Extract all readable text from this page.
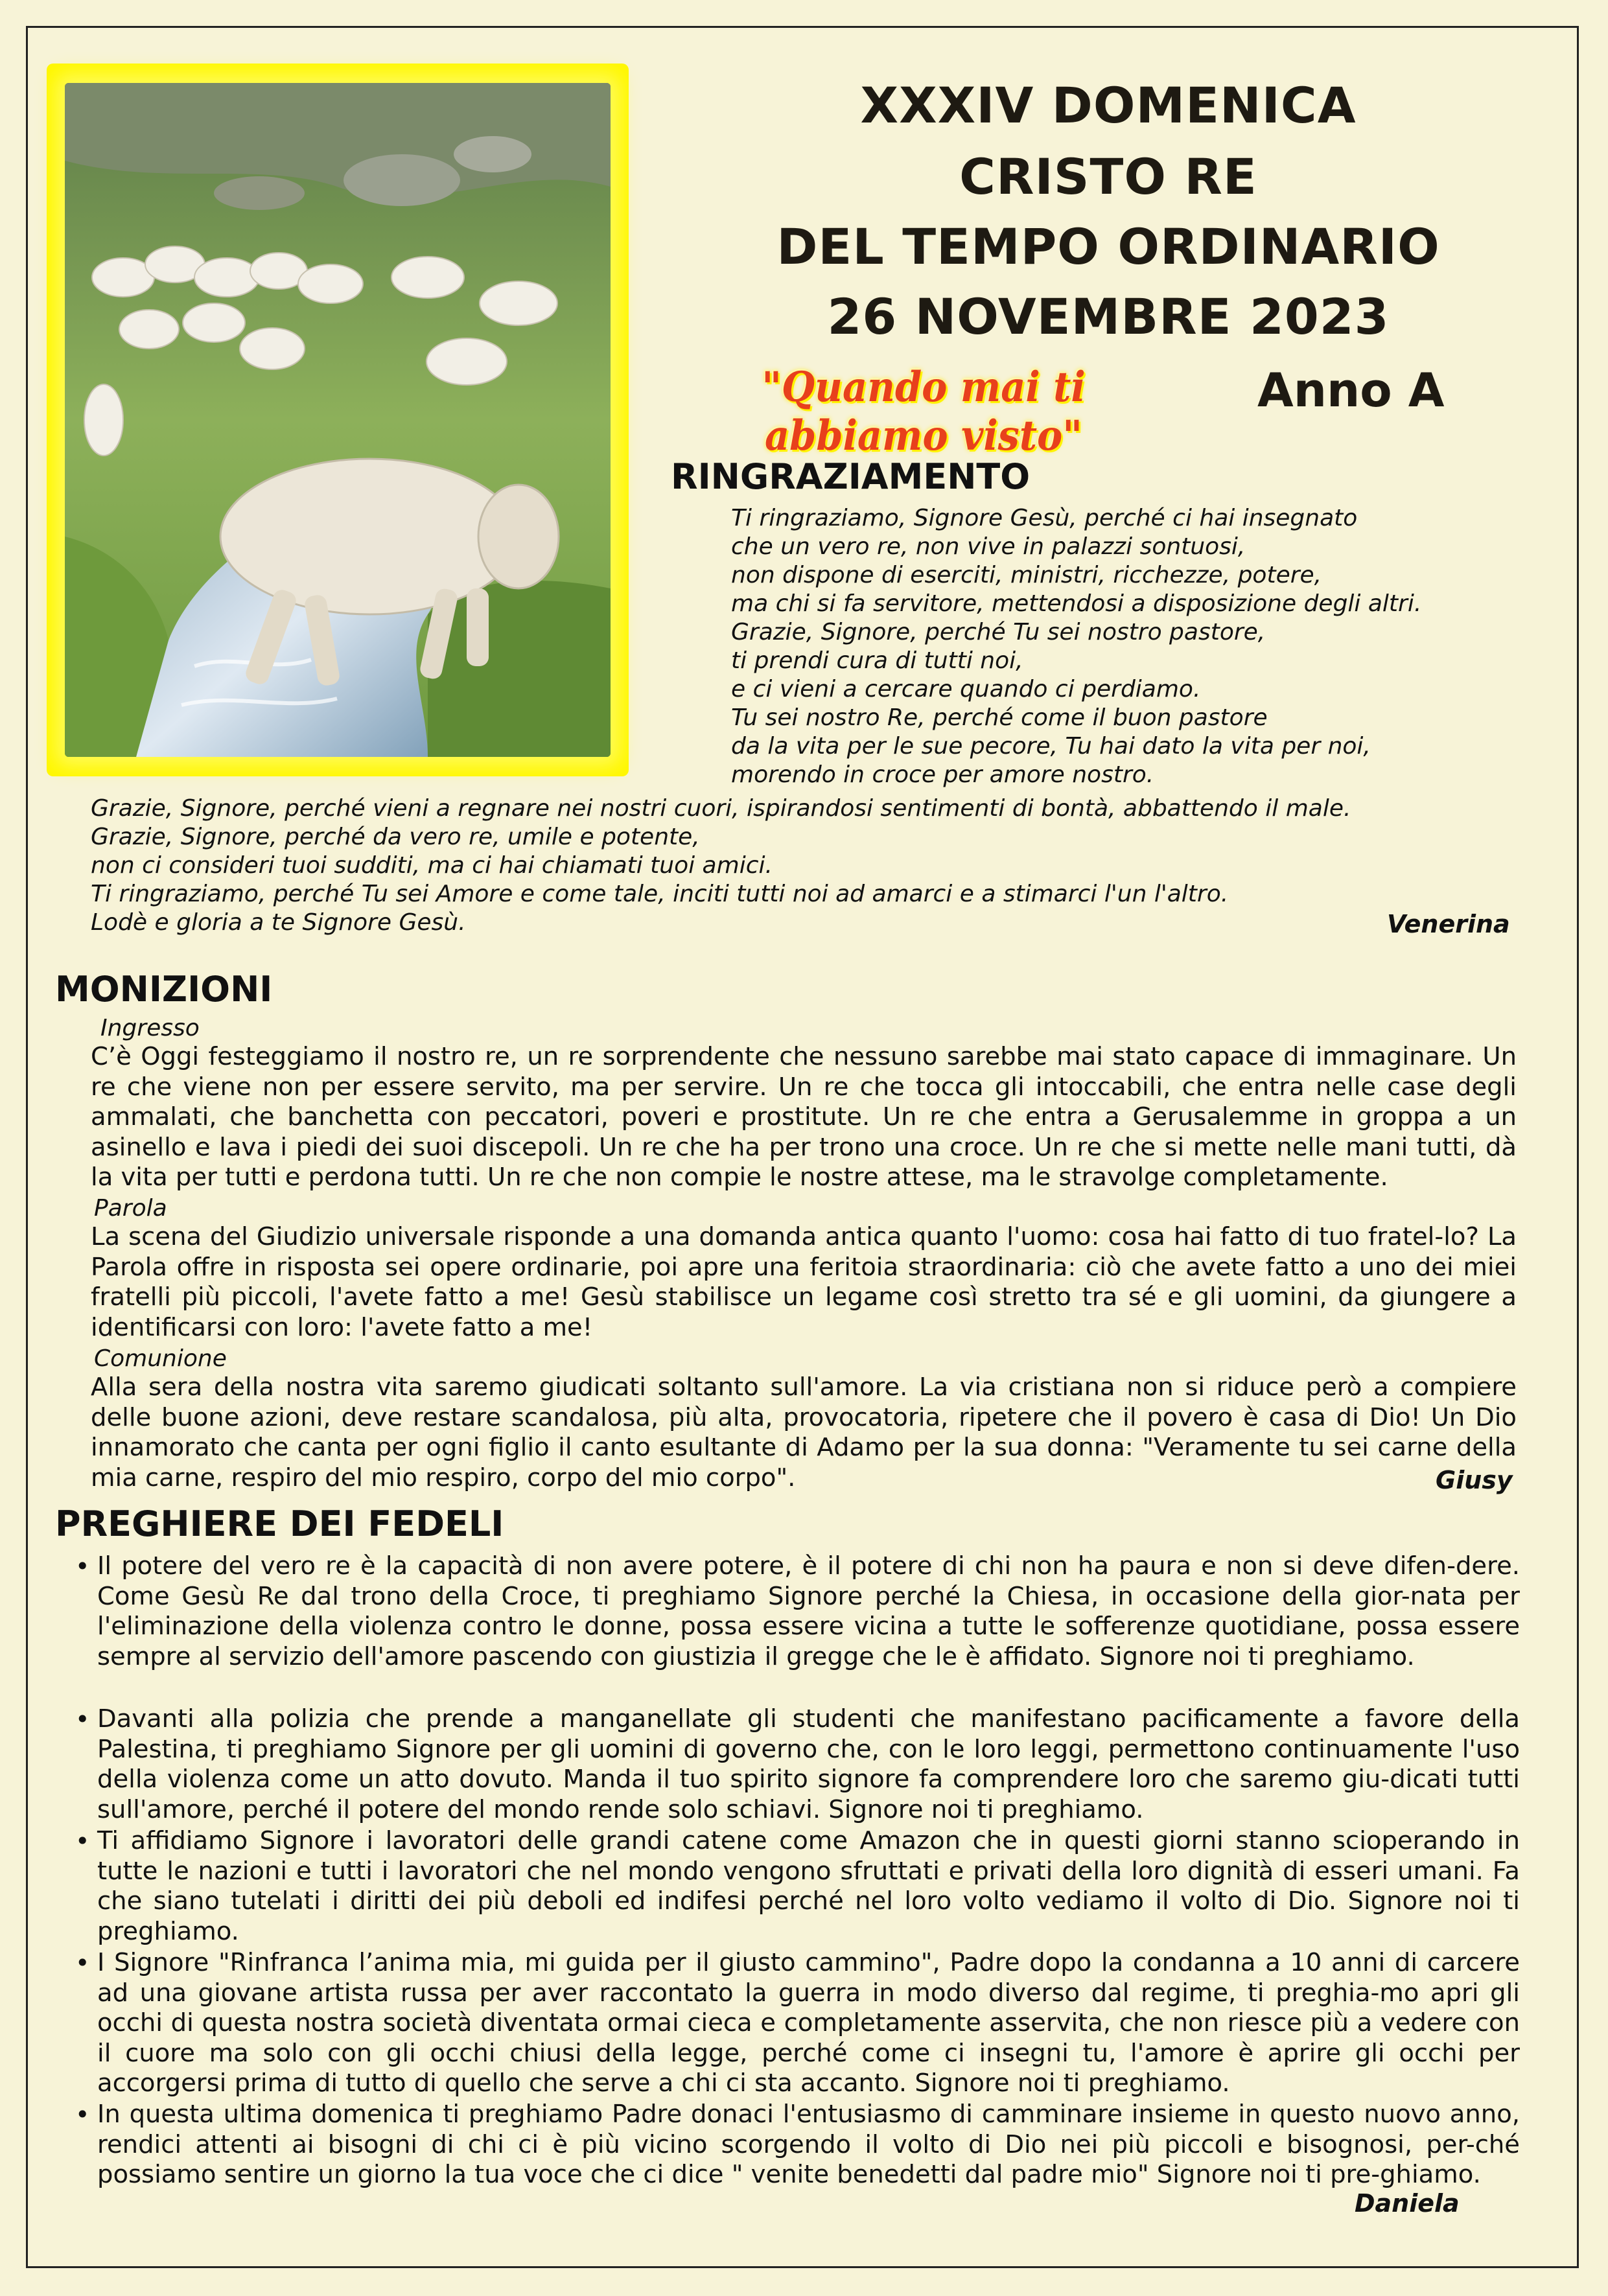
XXXIV DOMENICA
CRISTO RE
DEL TEMPO ORDINARIO
26 NOVEMBRE 2023
"Quando mai ti abbiamo visto"
Anno A
RINGRAZIAMENTO
Ti ringraziamo, Signore Gesù, perché ci hai insegnato
che un vero re, non vive in palazzi sontuosi,
non dispone di eserciti, ministri, ricchezze, potere,
ma chi si fa servitore, mettendosi a disposizione degli altri.
Grazie, Signore, perché Tu sei nostro pastore,
ti prendi cura di tutti noi,
e ci vieni a cercare quando ci perdiamo.
Tu sei nostro Re, perché come il buon pastore
da la vita per le sue pecore, Tu hai dato la vita per noi,
morendo in croce per amore nostro.
Grazie, Signore, perché vieni a regnare nei nostri cuori, ispirandosi sentimenti di bontà, abbattendo il male.
Grazie, Signore, perché da vero re, umile e potente,
non ci consideri tuoi sudditi, ma ci hai chiamati tuoi amici.
Ti ringraziamo, perché Tu sei Amore e come tale, inciti tutti noi ad amarci e a stimarci l'un l'altro.
Lodè e gloria a te Signore Gesù.	Venerina
MONIZIONI
Ingresso
C’è Oggi festeggiamo il nostro re, un re sorprendente che nessuno sarebbe mai stato capace di immaginare. Un re che viene non per essere servito, ma per servire. Un re che tocca gli intoccabili, che entra nelle case degli ammalati, che banchetta con peccatori, poveri e prostitute. Un re che entra a Gerusalemme in groppa a un asinello e lava i piedi dei suoi discepoli. Un re che ha per trono una croce. Un re che si mette nelle mani tutti, dà la vita per tutti e perdona tutti. Un re che non compie le nostre attese, ma le stravolge completamente.
Parola
La scena del Giudizio universale risponde a una domanda antica quanto l'uomo: cosa hai fatto di tuo fratel-lo? La Parola offre in risposta sei opere ordinarie, poi apre una feritoia straordinaria: ciò che avete fatto a uno dei miei fratelli più piccoli, l'avete fatto a me! Gesù stabilisce un legame così stretto tra sé e gli uomini, da giungere a identificarsi con loro: l'avete fatto a me!
Comunione
Alla sera della nostra vita saremo giudicati soltanto sull'amore. La via cristiana non si riduce però a compiere delle buone azioni, deve restare scandalosa, più alta, provocatoria, ripetere che il povero è casa di Dio! Un Dio innamorato che canta per ogni figlio il canto esultante di Adamo per la sua donna: "Veramente tu sei carne della mia carne, respiro del mio respiro, corpo del mio corpo".	Giusy
PREGHIERE DEI FEDELI
• Il potere del vero re è la capacità di non avere potere, è il potere di chi non ha paura e non si deve difen-dere. Come Gesù Re dal trono della Croce, ti preghiamo Signore perché la Chiesa, in occasione della gior-nata per l'eliminazione della violenza contro le donne, possa essere vicina a tutte le sofferenze quotidiane, possa essere sempre al servizio dell'amore pascendo con giustizia il gregge che le è affidato. Signore noi ti preghiamo.
• Davanti alla polizia che prende a manganellate gli studenti che manifestano pacificamente a favore della Palestina, ti preghiamo Signore per gli uomini di governo che, con le loro leggi, permettono continuamente l'uso della violenza come un atto dovuto. Manda il tuo spirito signore fa comprendere loro che saremo giu-dicati tutti sull'amore, perché il potere del mondo rende solo schiavi. Signore noi ti preghiamo.
• Ti affidiamo Signore i lavoratori delle grandi catene come Amazon che in questi giorni stanno scioperando in tutte le nazioni e tutti i lavoratori che nel mondo vengono sfruttati e privati della loro dignità di esseri umani. Fa che siano tutelati i diritti dei più deboli ed indifesi perché nel loro volto vediamo il volto di Dio. Signore noi ti preghiamo.
• I Signore "Rinfranca l’anima mia, mi guida per il giusto cammino", Padre dopo la condanna a 10 anni di carcere ad una giovane artista russa per aver raccontato la guerra in modo diverso dal regime, ti preghia-mo apri gli occhi di questa nostra società diventata ormai cieca e completamente asservita, che non riesce più a vedere con il cuore ma solo con gli occhi chiusi della legge, perché come ci insegni tu, l'amore è aprire gli occhi per accorgersi prima di tutto di quello che serve a chi ci sta accanto. Signore noi ti preghiamo.
• In questa ultima domenica ti preghiamo Padre donaci l'entusiasmo di camminare insieme in questo nuovo anno, rendici attenti ai bisogni di chi ci è più vicino scorgendo il volto di Dio nei più piccoli e bisognosi, per-ché possiamo sentire un giorno la tua voce che ci dice " venite benedetti dal padre mio" Signore noi ti pre-ghiamo.
Daniela
